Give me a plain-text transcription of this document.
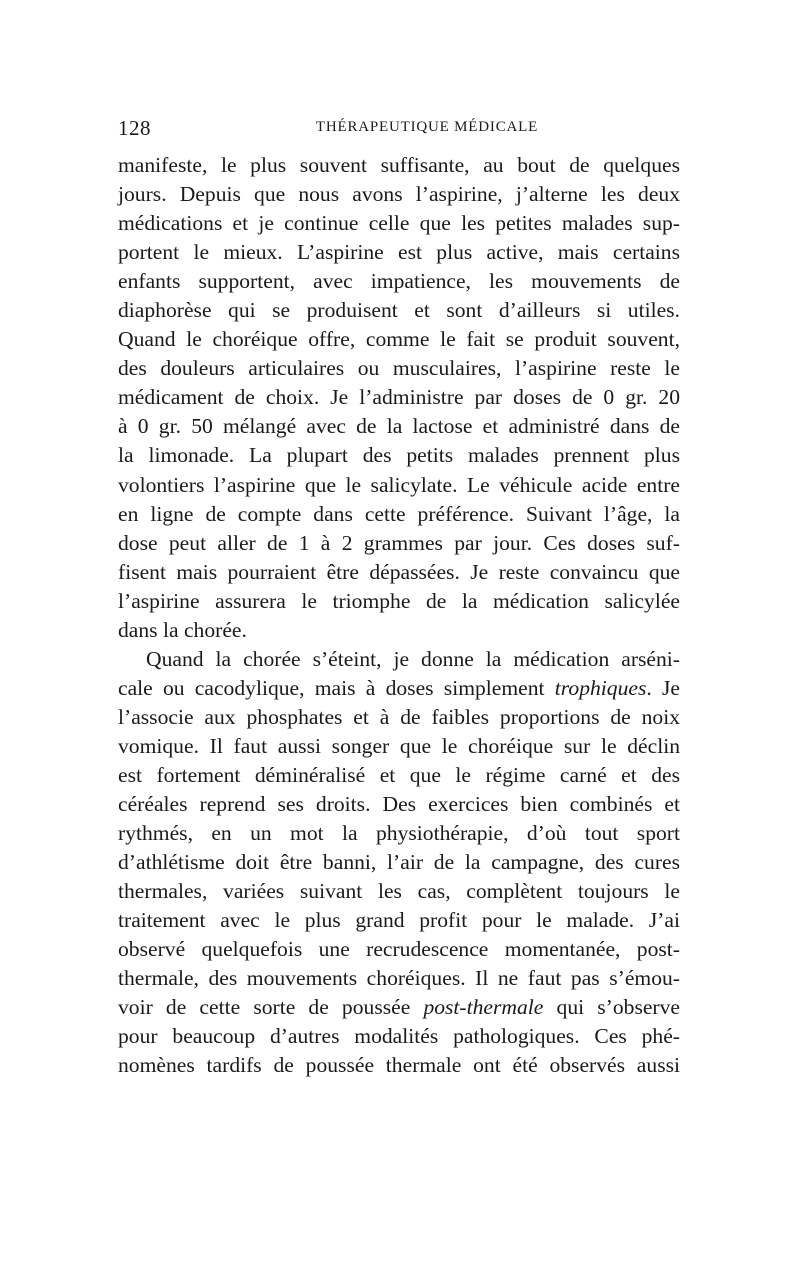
128	THÉRAPEUTIQUE MÉDICALE
manifeste, le plus souvent suffisante, au bout de quelques
jours. Depuis que nous avons l’aspirine, j’alterne les deux
médications et je continue celle que les petites malades sup-
portent le mieux. L’aspirine est plus active, mais certains
enfants supportent, avec impatience, les mouvements de
diaphorèse qui se produisent et sont d’ailleurs si utiles.
Quand le choréique offre, comme le fait se produit souvent,
des douleurs articulaires ou musculaires, l’aspirine reste le
médicament de choix. Je l’administre par doses de 0 gr. 20
à 0 gr. 50 mélangé avec de la lactose et administré dans de
la limonade. La plupart des petits malades prennent plus
volontiers l’aspirine que le salicylate. Le véhicule acide entre
en ligne de compte dans cette préférence. Suivant l’âge, la
dose peut aller de 1 à 2 grammes par jour. Ces doses suf-
fisent mais pourraient être dépassées. Je reste convaincu que
l’aspirine assurera le triomphe de la médication salicylée
dans la chorée.
Quand la chorée s’éteint, je donne la médication arséni-
cale ou cacodylique, mais à doses simplement trophiques. Je
l’associe aux phosphates et à de faibles proportions de noix
vomique. Il faut aussi songer que le choréique sur le déclin
est fortement déminéralisé et que le régime carné et des
céréales reprend ses droits. Des exercices bien combinés et
rythmés, en un mot la physiothérapie, d’où tout sport
d’athlétisme doit être banni, l’air de la campagne, des cures
thermales, variées suivant les cas, complètent toujours le
traitement avec le plus grand profit pour le malade. J’ai
observé quelquefois une recrudescence momentanée, post-
thermale, des mouvements choréiques. Il ne faut pas s’émou-
voir de cette sorte de poussée post-thermale qui s’observe
pour beaucoup d’autres modalités pathologiques. Ces phé-
nomènes tardifs de poussée thermale ont été observés aussi
